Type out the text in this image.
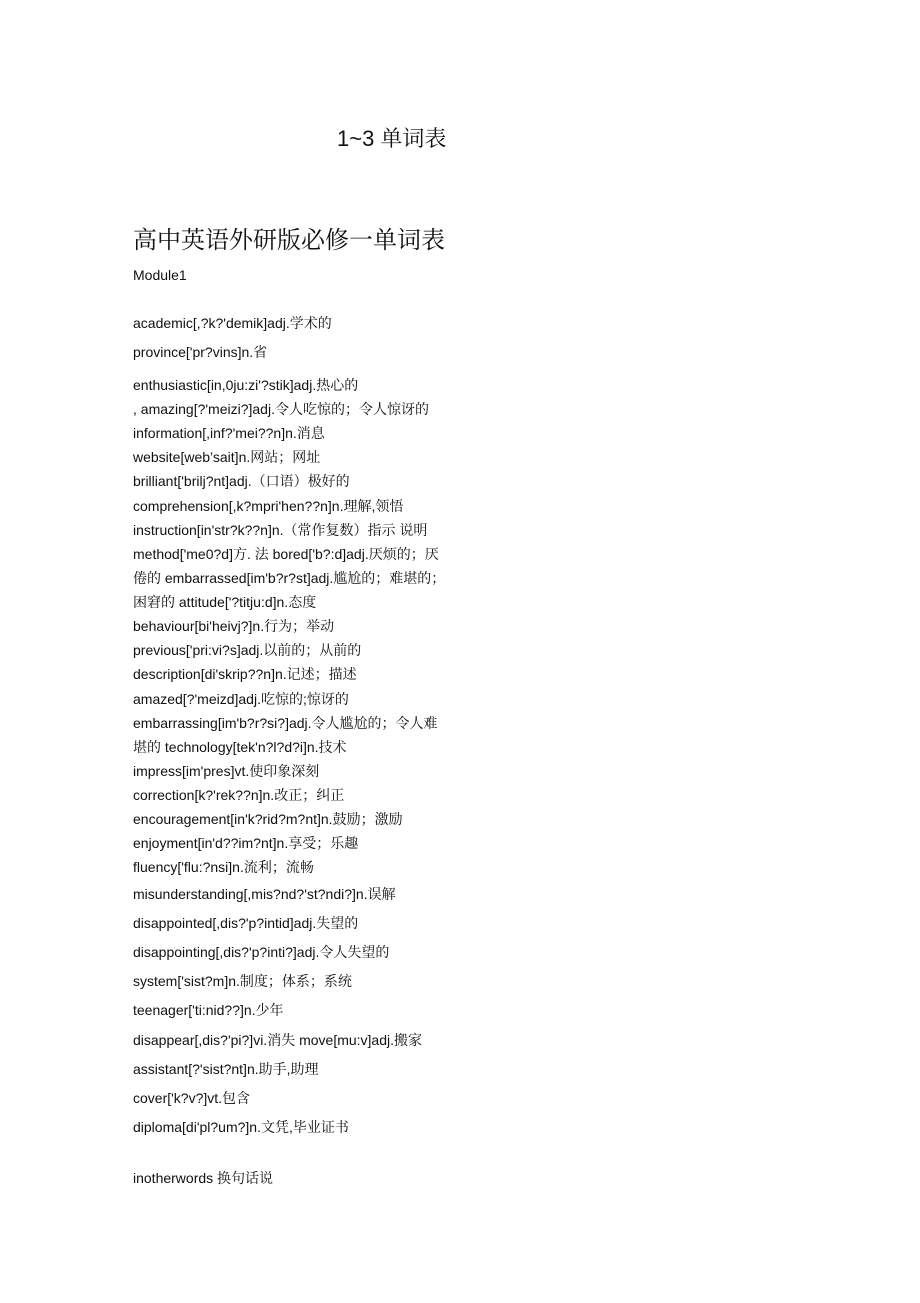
1~3 单词表
高中英语外研版必修一单词表
Module1
academic[,?k?'demik]adj.学术的
province['pr?vins]n.省
enthusiastic[in,0ju:zi'?stik]adj.热心的
, amazing[?'meizi?]adj.令人吃惊的；令人惊讶的
information[,inf?'mei??n]n.消息
website[web’sait]n.网站；网址
brilliant['brilj?nt]adj.（口语）极好的
comprehension[,k?mpri'hen??n]n.理解,领悟
instruction[in'str?k??n]n.（常作复数）指示 说明
method['me0?d]方. 法 bored['b?:d]adj.厌烦的；厌
倦的 embarrassed[im'b?r?st]adj.尴尬的；难堪的；
困窘的 attitude['?titju:d]n.态度
behaviour[bi'heivj?]n.行为；举动
previous['pri:vi?s]adj.以前的；从前的
description[di'skrip??n]n.记述；描述
amazed[?'meizd]adj.吃惊的;惊讶的
embarrassing[im'b?r?si?]adj.令人尴尬的；令人难
堪的 technology[tek'n?l?d?i]n.技术
impress[im'pres]vt.使印象深刻
correction[k?'rek??n]n.改正；纠正
encouragement[in'k?rid?m?nt]n.鼓励；激励
enjoyment[in'd??im?nt]n.享受；乐趣
fluency['flu:?nsi]n.流利；流畅
misunderstanding[,mis?nd?'st?ndi?]n.误解
disappointed[,dis?'p?intid]adj.失望的
disappointing[,dis?'p?inti?]adj.令人失望的
system['sist?m]n.制度；体系；系统
teenager['ti:nid??]n.少年
disappear[,dis?'pi?]vi.消失 move[mu:v]adj.搬家
assistant[?'sist?nt]n.助手,助理
cover['k?v?]vt.包含
diploma[di'pl?um?]n.文凭,毕业证书
inotherwords 换句话说
